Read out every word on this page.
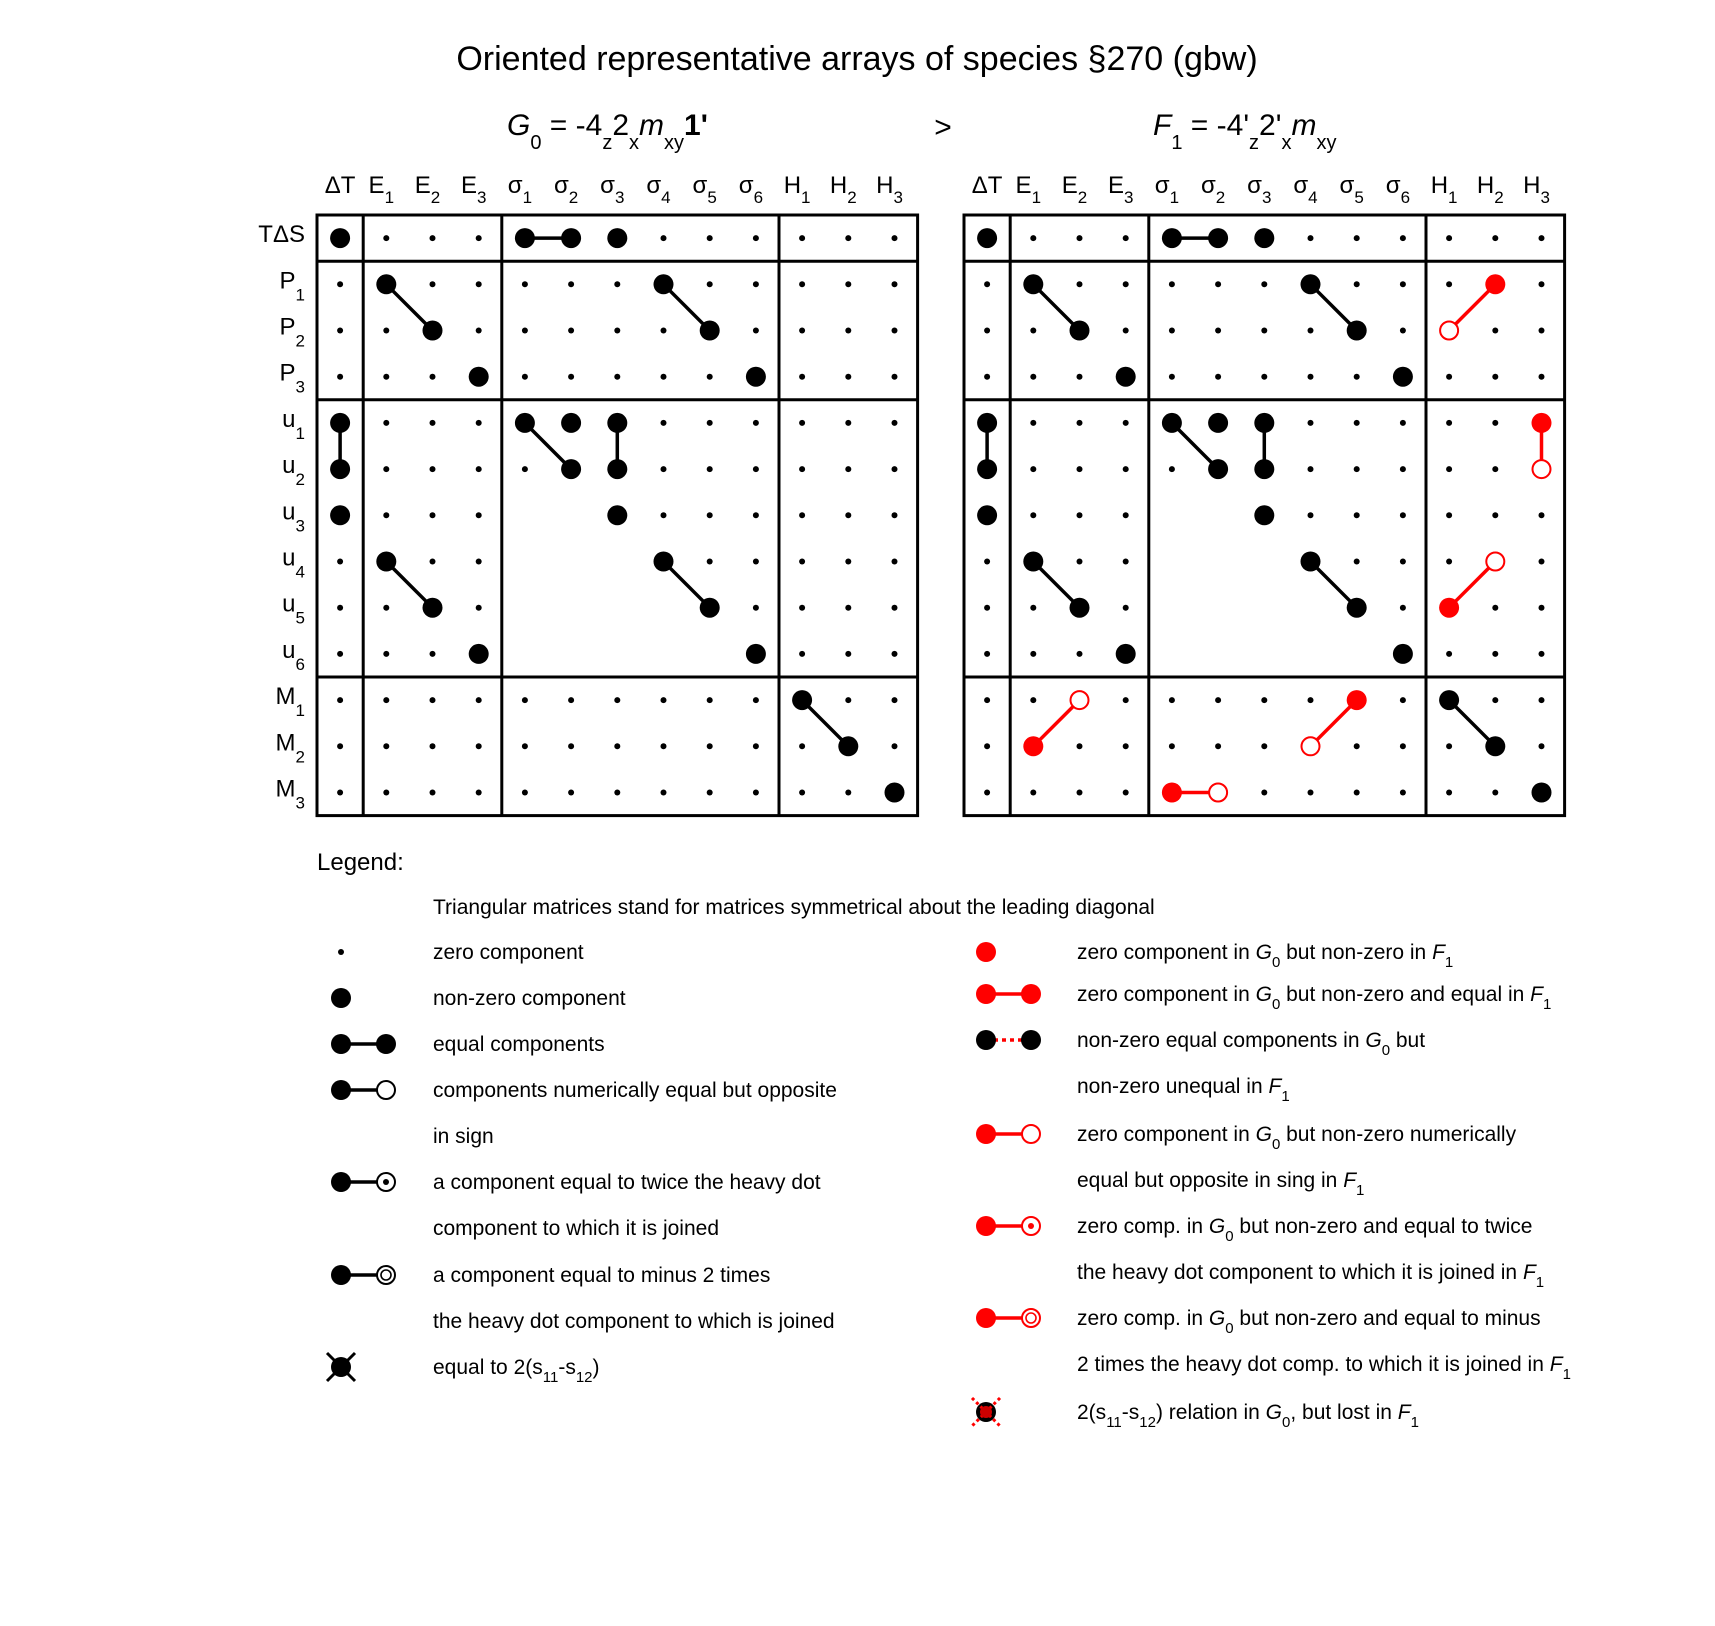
Oriented representative arrays of species §270 (gbw)
$G_0 = -4_z2_xm_{xy}1'$	$F_1 = -4'_z2'_xm_{xy}$
>
ΔT $E_1$ $E_2$ $E_3$ $\sigma_1$ $\sigma_2$ $\sigma_3$ $\sigma_4$ $\sigma_5$ $\sigma_6$ $H_1$ $H_2$ $H_3$
TΔS
$P_1$
$P_2$
$P_3$
$u_1$
$u_2$
$u_3$
$u_4$
$u_5$
$u_6$
$M_1$
$M_2$
$M_3$
ΔT $E_1$ $E_2$ $E_3$ $\sigma_1$ $\sigma_2$ $\sigma_3$ $\sigma_4$ $\sigma_5$ $\sigma_6$ $H_1$ $H_2$ $H_3$
Legend:
Triangular matrices stand for matrices symmetrical about the leading diagonal
zero component
non-zero component
equal components
components numerically equal but opposite
in sign
a component equal to twice the heavy dot
component to which it is joined
a component equal to minus 2 times
the heavy dot component to which is joined
equal to $2(s_{11}-s_{12})$
zero component in $G_0$ but non-zero in $F_1$
zero component in $G_0$ but non-zero and equal in $F_1$
non-zero equal components in $G_0$ but
non-zero unequal in $F_1$
zero component in $G_0$ but non-zero numerically
equal but opposite in sing in $F_1$
zero comp. in $G_0$ but non-zero and equal to twice
the heavy dot component to which it is joined in $F_1$
zero comp. in $G_0$ but non-zero and equal to minus
2 times the heavy dot comp. to which it is joined in $F_1$
$2(s_{11}-s_{12})$ relation in $G_0$, but lost in $F_1$
